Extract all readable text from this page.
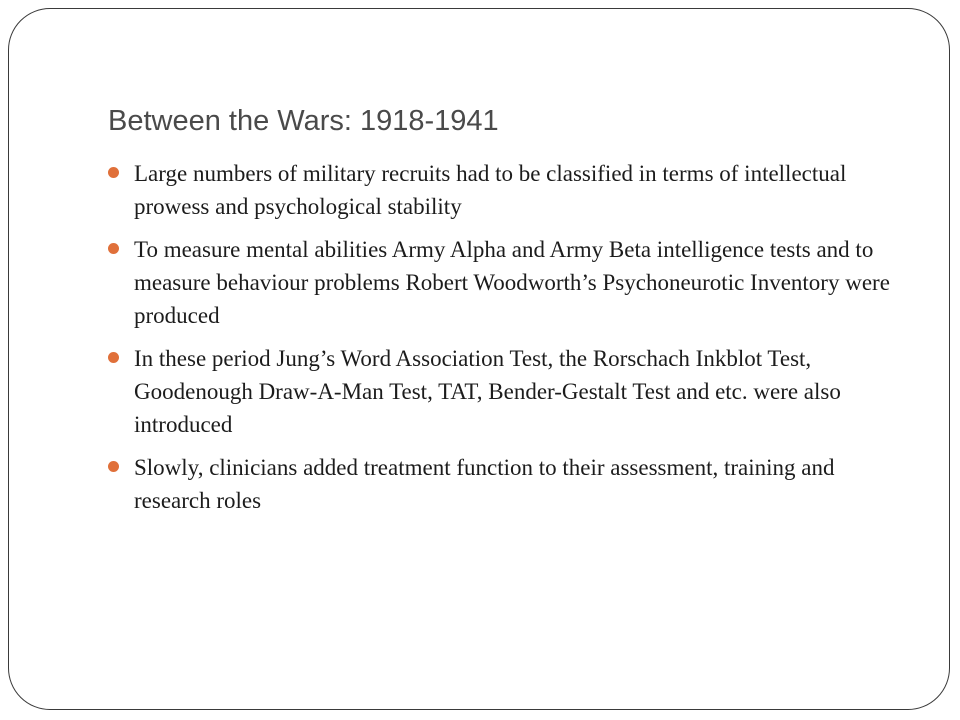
Between the Wars: 1918-1941
Large numbers of military recruits had to be classified in terms of intellectual prowess and psychological stability
To measure mental abilities Army Alpha and Army Beta intelligence tests and to measure behaviour problems Robert Woodworth’s Psychoneurotic Inventory were produced
In these period Jung’s Word Association Test, the Rorschach Inkblot Test, Goodenough Draw-A-Man Test, TAT, Bender-Gestalt Test and etc. were also introduced
Slowly, clinicians added treatment function to their assessment, training and research roles
